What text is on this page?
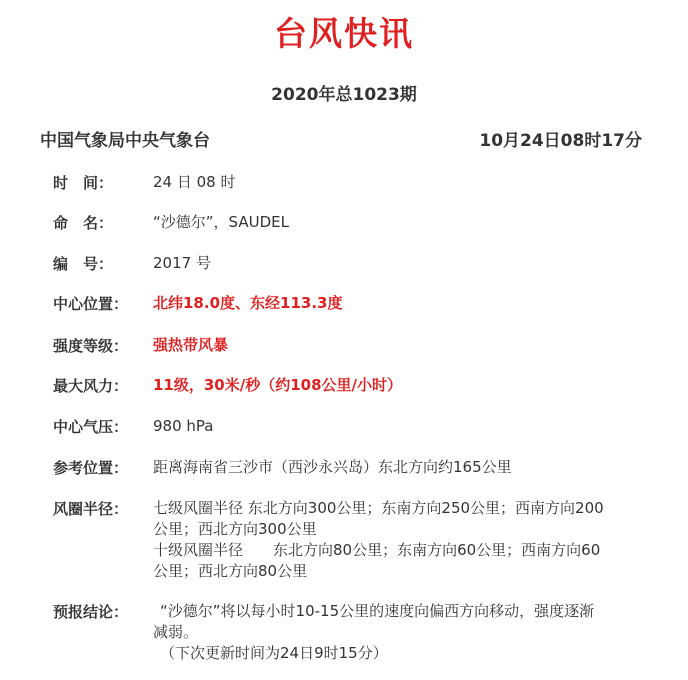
台风快讯
2020年总1023期
中国气象局中央气象台	10月24日08时17分
时　间：	24 日 08 时
命　名：	“沙德尔”，SAUDEL
编　号：	2017 号
中心位置：	北纬18.0度、东经113.3度
强度等级：	强热带风暴
最大风力：	11级，30米/秒（约108公里/小时）
中心气压：	980 hPa
参考位置：	距离海南省三沙市（西沙永兴岛）东北方向约165公里
风圈半径：	七级风圈半径 东北方向300公里；东南方向250公里；西南方向200
公里；西北方向300公里
十级风圈半径　　东北方向80公里；东南方向60公里；西南方向60
公里；西北方向80公里
预报结论：	“沙德尔”将以每小时10-15公里的速度向偏西方向移动，强度逐渐
减弱。
（下次更新时间为24日9时15分）
